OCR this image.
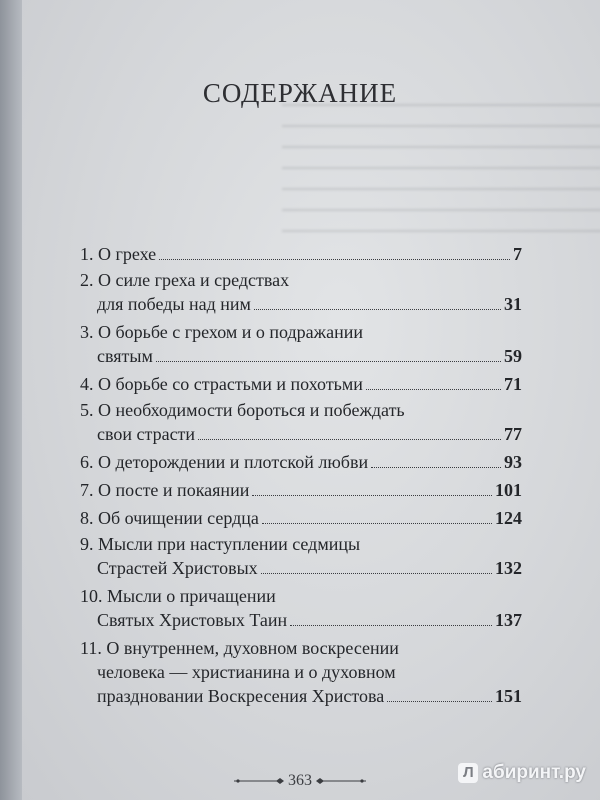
СОДЕРЖАНИЕ
1. О грехе	7
2. О силе греха и средствах
для победы над ним	31
3. О борьбе с грехом и о подражании
святым	59
4. О борьбе со страстьми и похотьми	71
5. О необходимости бороться и побеждать
свои страсти	77
6. О деторождении и плотской любви	93
7. О посте и покаянии	101
8. Об очищении сердца	124
9. Мысли при наступлении седмицы
Страстей Христовых	132
10. Мысли о причащении
Святых Христовых Таин	137
11. О внутреннем, духовном воскресении
человека — христианина и о духовном
праздновании Воскресения Христова	151
363	Л абиринт.ру
